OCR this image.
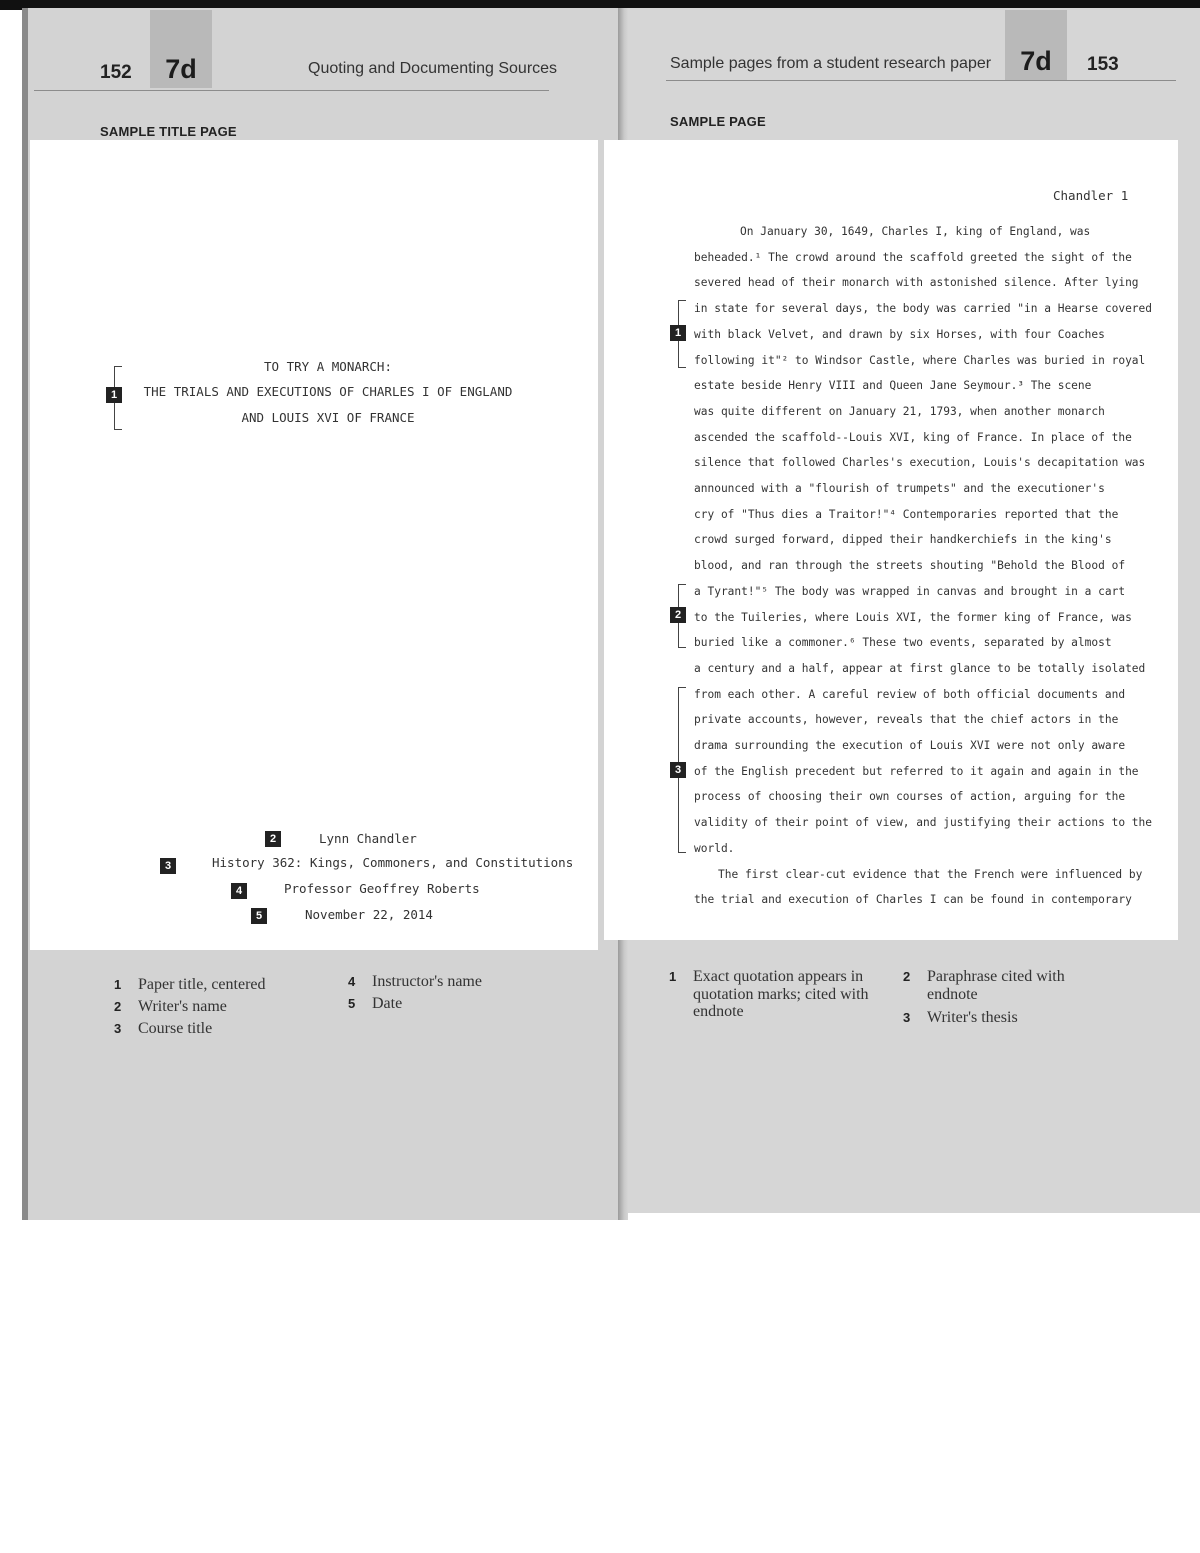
152	7d	Quoting and Documenting Sources
SAMPLE TITLE PAGE
Sample pages from a student research paper	7d	153
SAMPLE PAGE
TO TRY A MONARCH:
THE TRIALS AND EXECUTIONS OF CHARLES I OF ENGLAND
AND LOUIS XVI OF FRANCE
1
2	Lynn Chandler
3	History 362: Kings, Commoners, and Constitutions
4	Professor Geoffrey Roberts
5	November 22, 2014
Chandler 1
On January 30, 1649, Charles I, king of England, was
beheaded.¹ The crowd around the scaffold greeted the sight of the
severed head of their monarch with astonished silence. After lying
in state for several days, the body was carried "in a Hearse covered
with black Velvet, and drawn by six Horses, with four Coaches
following it"² to Windsor Castle, where Charles was buried in royal
estate beside Henry VIII and Queen Jane Seymour.³ The scene
was quite different on January 21, 1793, when another monarch
ascended the scaffold--Louis XVI, king of France. In place of the
silence that followed Charles's execution, Louis's decapitation was
announced with a "flourish of trumpets" and the executioner's
cry of "Thus dies a Traitor!"⁴ Contemporaries reported that the
crowd surged forward, dipped their handkerchiefs in the king's
blood, and ran through the streets shouting "Behold the Blood of
a Tyrant!"⁵ The body was wrapped in canvas and brought in a cart
to the Tuileries, where Louis XVI, the former king of France, was
buried like a commoner.⁶ These two events, separated by almost
a century and a half, appear at first glance to be totally isolated
from each other. A careful review of both official documents and
private accounts, however, reveals that the chief actors in the
drama surrounding the execution of Louis XVI were not only aware
of the English precedent but referred to it again and again in the
process of choosing their own courses of action, arguing for the
validity of their point of view, and justifying their actions to the
world.
The first clear-cut evidence that the French were influenced by
the trial and execution of Charles I can be found in contemporary
1
2
3
1 Paper title, centered
2 Writer's name
3 Course title
4 Instructor's name
5 Date
1 Exact quotation appears in quotation marks; cited with endnote
2 Paraphrase cited with endnote
3 Writer's thesis
